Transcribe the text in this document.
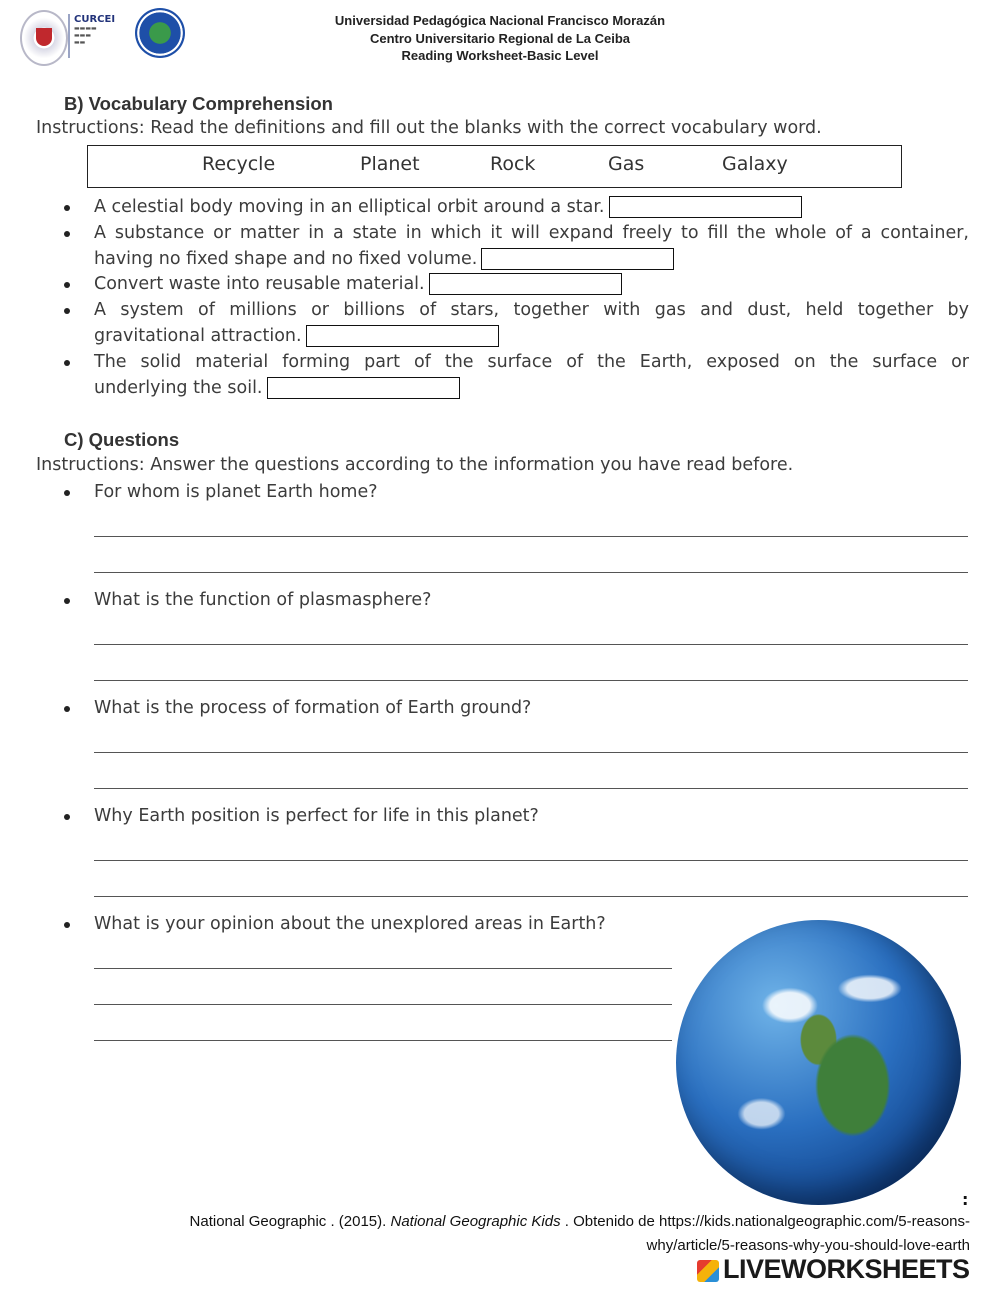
CURCEI
▬▬▬▬
▬▬▬
▬▬
Universidad Pedagógica Nacional Francisco Morazán
Centro Universitario Regional de La Ceiba
Reading Worksheet-Basic Level
B) Vocabulary Comprehension
Instructions: Read the definitions and fill out the blanks with the correct vocabulary word.
Recycle	Planet	Rock	Gas	Galaxy
A celestial body moving in an elliptical orbit around a star.
A substance or matter in a state in which it will expand freely to fill the whole of a container,
having no fixed shape and no fixed volume.
Convert waste into reusable material.
A system of millions or billions of stars, together with gas and dust, held together by
gravitational attraction.
The solid material forming part of the surface of the Earth, exposed on the surface or
underlying the soil.
C) Questions
Instructions: Answer the questions according to the information you have read before.
For whom is planet Earth home?
What is the function of plasmasphere?
What is the process of formation of Earth ground?
Why Earth position is perfect for life in this planet?
What is your opinion about the unexplored areas in Earth?
:
National Geographic . (2015). National Geographic Kids . Obtenido de https://kids.nationalgeographic.com/5-reasons-
why/article/5-reasons-why-you-should-love-earth
LIVEWORKSHEETS
